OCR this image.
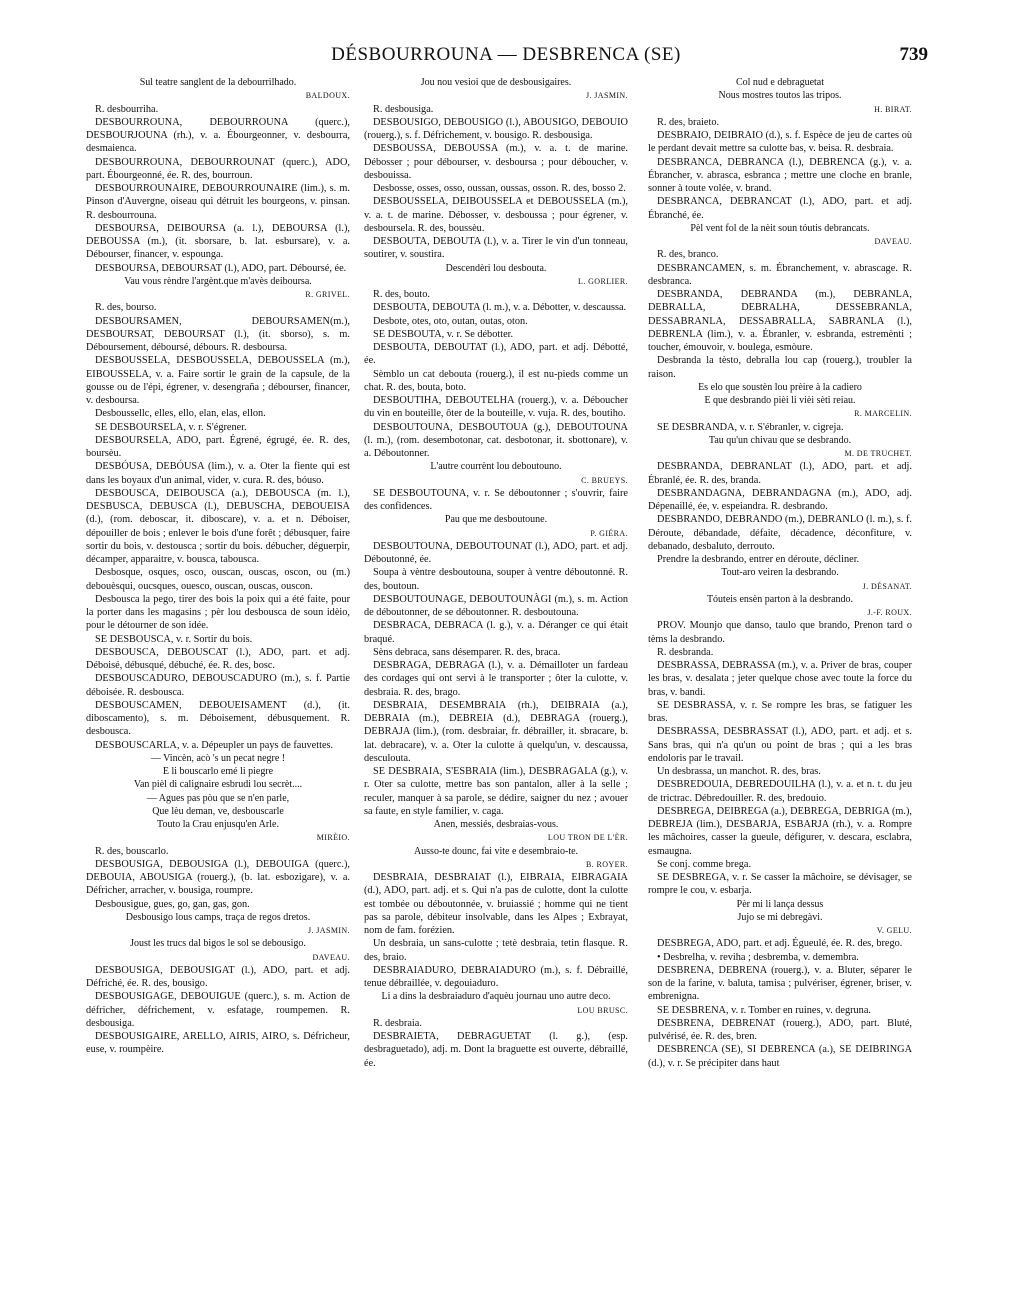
DÉSBOURROUNA — DESBRENCA (SE)	739

Sul teatre sanglent de la debourrilhado.

BALDOUX.

R. desbourriha.

DESBOURROUNA, DEBOURROUNA (querc.), DESBOURJOUNA (rh.), v. a. Ébourgeonner, v. desbourra, desmaienca.

DESBOURROUNA, DEBOURROUNAT (querc.), ADO, part. Ébourgeonné, ée. R. des, bourroun.

DESBOURROUNAIRE, DEBOURROUNAIRE (lim.), s. m. Pinson d'Auvergne, oiseau qui détruit les bourgeons, v. pinsan. R. desbourrouna.

DESBOURSA, DEIBOURSA (a. l.), DEBOURSA (l.), DEBOUSSA (m.), (it. sborsare, b. lat. esbursare), v. a. Débourser, financer, v. espounga.

DESBOURSA, DEBOURSAT (l.), ADO, part. Déboursé, ée.

Vau vous rèndre l'argènt.que m'avès deiboursa.

R. GRIVEL.

R. des, bourso.

DESBOURSAMEN, DEBOURSAMEN(m.), DESBOURSAT, DEBOURSAT (l.), (it. sborso), s. m. Déboursement, déboursé, débours. R. desboursa.

DESBOUSSELA, DESBOUSSELA, DEBOUSSELA (m.), EIBOUSSELA, v. a. Faire sortir le grain de la capsule, de la gousse ou de l'épi, égrener, v. desengraña ; débourser, financer, v. desboursa.

Desboussellc, elles, ello, elan, elas, ellon.

SE DESBOURSELA, v. r. S'égrener.

DESBOURSELA, ADO, part. Égrené, égrugé, ée. R. des, boursèu.

DESBÓUSA, DEBÓUSA (lim.), v. a. Oter la fiente qui est dans les boyaux d'un animal, vider, v. cura. R. des, bóuso.

DESBOUSCA, DEIBOUSCA (a.), DEBOUSCA (m. l.), DESBUSCA, DEBUSCA (l.), DEBUSCHA, DEBOUEISA (d.), (rom. deboscar, it. diboscare), v. a. et n. Déboiser, dépouiller de bois ; enlever le bois d'une forêt ; débusquer, faire sortir du bois, v. destousca ; sortir du bois. débucher, déguerpir, décamper, apparaitre, v. bousca, tabousca.

Desbosque, osques, osco, ouscan, ouscas, oscon, ou (m.) debouèsqui, oucsques, ouesco, ouscan, ouscas, ouscon.

Desbousca la pego, tirer des bois la poix qui a été faite, pour la porter dans les magasins ; pèr lou desbousca de soun idèio, pour le détourner de son idée.

SE DESBOUSCA, v. r. Sortir du bois.

DESBOUSCA, DEBOUSCAT (l.), ADO, part. et adj. Déboisé, débusqué, débuché, ée. R. des, bosc.

DESBOUSCADURO, DEBOUSCADURO (m.), s. f. Partie déboisée. R. desbousca.

DESBOUSCAMEN, DEBOUEISAMENT (d.), (it. diboscamento), s. m. Déboisement, débusquement. R. desbousca.

DESBOUSCARLA, v. a. Dépeupler un pays de fauvettes.

— Vincèn, acò 's un pecat negre !

E li bouscarlo emé li piegre

Van pièl di calignaire esbrudi lou secrèt....

— Agues pas pòu que se n'en parle,

Que lèu deman, ve, desbouscarle

Touto la Crau enjusqu'en Arle.

MIRÈIO.

R. des, bouscarlo.

DESBOUSIGA, DEBOUSIGA (l.), DEBOUIGA (querc.), DEBOUIA, ABOUSIGA (rouerg.), (b. lat. esbozigare), v. a. Défricher, arracher, v. bousiga, roumpre.

Desbousigue, gues, go, gan, gas, gon.

Desbousigo lous camps, traça de regos dretos.

J. JASMIN.

Joust les trucs dal bigos le sol se debousigo.

DAVEAU.

DESBOUSIGA, DEBOUSIGAT (l.), ADO, part. et adj. Défriché, ée. R. des, bousigo.

DESBOUSIGAGE, DEBOUIGUE (querc.), s. m. Action de défricher, défrichement, v. esfatage, roumpemen. R. desbousiga.

DESBOUSIGAIRE, ARELLO, AIRIS, AIRO, s. Défricheur, euse, v. roumpèire.

Jou nou vesioi que de desbousigaires.

J. JASMIN.

R. desbousiga.

DESBOUSIGO, DEBOUSIGO (l.), ABOUSIGO, DEBOUIO (rouerg.), s. f. Défrichement, v. bousigo. R. desbousiga.

DESBOUSSA, DEBOUSSA (m.), v. a. t. de marine. Débosser ; pour débourser, v. desboursa ; pour déboucher, v. desbouissa.

Desbosse, osses, osso, oussan, oussas, osson. R. des, bosso 2.

DESBOUSSELA, DEIBOUSSELA et DEBOUSSELA (m.), v. a. t. de marine. Débosser, v. desboussa ; pour égrener, v. desboursela. R. des, boussèu.

DESBOUTA, DEBOUTA (l.), v. a. Tirer le vin d'un tonneau, soutirer, v. soustira.

Descendèri lou desbouta.

L. GORLIER.

R. des, bouto.

DESBOUTA, DEBOUTA (l. m.), v. a. Débotter, v. descaussa.

Desbote, otes, oto, outan, outas, oton.

SE DESBOUTA, v. r. Se débotter.

DESBOUTA, DEBOUTAT (l.), ADO, part. et adj. Débotté, ée.

Sèmblo un cat debouta (rouerg.), il est nu-pieds comme un chat. R. des, bouta, boto.

DESBOUTIHA, DEBOUTELHA (rouerg.), v. a. Déboucher du vin en bouteille, ôter de la bouteille, v. vuja. R. des, boutiho.

DESBOUTOUNA, DESBOUTOUA (g.), DEBOUTOUNA (l. m.), (rom. desembotonar, cat. desbotonar, it. sbottonare), v. a. Déboutonner.

L'autre courrènt lou deboutouno.

C. BRUEYS.

SE DESBOUTOUNA, v. r. Se déboutonner ; s'ouvrir, faire des confidences.

Pau que me desboutoune.

P. GIÉRA.

DESBOUTOUNA, DEBOUTOUNAT (l.), ADO, part. et adj. Déboutonné, ée.

Soupa à vèntre desboutouna, souper à ventre déboutonné. R. des, boutoun.

DESBOUTOUNAGE, DEBOUTOUNÀGI (m.), s. m. Action de déboutonner, de se déboutonner. R. desboutouna.

DESBRACA, DEBRACA (l. g.), v. a. Déranger ce qui était braqué.

Sèns debraca, sans désemparer. R. des, braca.

DESBRAGA, DEBRAGA (l.), v. a. Démailloter un fardeau des cordages qui ont servi à le transporter ; ôter la culotte, v. desbraia. R. des, brago.

DESBRAIA, DESEMBRAIA (rh.), DEIBRAIA (a.), DEBRAIA (m.), DEBREIA (d.), DEBRAGA (rouerg.), DEBRAJA (lim.), (rom. desbraiar, fr. débrailler, it. sbracare, b. lat. debracare), v. a. Oter la culotte à quelqu'un, v. descaussa, desculouta.

SE DESBRAIA, S'ESBRAIA (lim.), DESBRAGALA (g.), v. r. Oter sa culotte, mettre bas son pantalon, aller à la selle ; reculer, manquer à sa parole, se dédire, saigner du nez ; avouer sa faute, en style familier, v. caga.

Anen, messiés, desbraias-vous.

LOU TRON DE L'ÈR.

Ausso-te dounc, fai vite e desembraio-te.

B. ROYER.

DESBRAIA, DESBRAIAT (l.), EIBRAIA, EIBRAGAIA (d.), ADO, part. adj. et s. Qui n'a pas de culotte, dont la culotte est tombée ou déboutonnée, v. bruiassié ; homme qui ne tient pas sa parole, débiteur insolvable, dans les Alpes ; Exbrayat, nom de fam. forézien.

Un desbraia, un sans-culotte ; tetè desbraia, tetin flasque. R. des, braio.

DESBRAIADURO, DEBRAIADURO (m.), s. f. Débraillé, tenue débraillée, v. degouiaduro.

Li a dins la desbraiaduro d'aquèu journau uno autre deco.

LOU BRUSC.

R. desbraia.

DESBRAIETA, DEBRAGUETAT (l. g.), (esp. desbraguetado), adj. m. Dont la braguette est ouverte, débraillé, ée.

Col nud e debraguetat

Nous mostres toutos las tripos.

H. BIRAT.

R. des, braieto.

DESBRAIO, DEIBRAIO (d.), s. f. Espèce de jeu de cartes où le perdant devait mettre sa culotte bas, v. beisa. R. desbraia.

DESBRANCA, DEBRANCA (l.), DEBRENCA (g.), v. a. Ébrancher, v. abrasca, esbranca ; mettre une cloche en branle, sonner à toute volée, v. brand.

DESBRANCA, DEBRANCAT (l.), ADO, part. et adj. Ébranché, ée.

Pèl vent fol de la nèit soun tóutis debrancats.

DAVEAU.

R. des, branco.

DESBRANCAMEN, s. m. Ébranchement, v. abrascage. R. desbranca.

DESBRANDA, DEBRANDA (m.), DEBRANLA, DEBRALLA, DEBRALHA, DESSEBRANLA, DESSABRANLA, DESSABRALLA, SABRANLA (l.), DEBRENLA (lim.), v. a. Ébranler, v. esbranda, estremènti ; toucher, émouvoir, v. boulega, esmòure.

Desbranda la tèsto, debralla lou cap (rouerg.), troubler la raison.

Es elo que soustèn lou prèire à la cadiero

E que desbrando pièi li vièi sèti reiau.

R. MARCELIN.

SE DESBRANDA, v. r. S'ébranler, v. cigreja.

Tau qu'un chivau que se desbrando.

M. DE TRUCHET.

DESBRANDA, DEBRANLAT (l.), ADO, part. et adj. Ébranlé, ée. R. des, branda.

DESBRANDAGNA, DEBRANDAGNA (m.), ADO, adj. Dépenaillé, ée, v. espeiandra. R. desbrando.

DESBRANDO, DEBRANDO (m.), DEBRANLO (l. m.), s. f. Déroute, débandade, défaite, décadence, déconfiture, v. debanado, desbaluto, derrouto.

Prendre la desbrando, entrer en déroute, décliner.

Tout-aro veiren la desbrando.

J. DÉSANAT.

Tóuteis ensèn parton à la desbrando.

J.-F. ROUX.

PROV. Mounjo que danso, taulo que brando, Prenon tard o tèms la desbrando.

R. desbranda.

DESBRASSA, DEBRASSA (m.), v. a. Priver de bras, couper les bras, v. desalata ; jeter quelque chose avec toute la force du bras, v. bandi.

SE DESBRASSA, v. r. Se rompre les bras, se fatiguer les bras.

DESBRASSA, DESBRASSAT (l.), ADO, part. et adj. et s. Sans bras, qui n'a qu'un ou point de bras ; qui a les bras endoloris par le travail.

Un desbrassa, un manchot. R. des, bras.

DESBREDOUIA, DEBREDOUILHA (l.), v. a. et n. t. du jeu de trictrac. Débredouiller. R. des, bredouio.

DESBREGA, DEIBREGA (a.), DEBREGA, DEBRIGA (m.), DEBREJA (lim.), DESBARJA, ESBARJA (rh.), v. a. Rompre les mâchoires, casser la gueule, défigurer, v. descara, esclabra, esmaugna.

Se conj. comme brega.

SE DESBREGA, v. r. Se casser la mâchoire, se dévisager, se rompre le cou, v. esbarja.

Pèr mi li lança dessus

Jujo se mi debregàvi.

V. GELU.

DESBREGA, ADO, part. et adj. Égueulé, ée. R. des, brego.

• Desbrelha, v. reviha ; desbremba, v. demembra.

DESBRENA, DEBRENA (rouerg.), v. a. Bluter, séparer le son de la farine, v. baluta, tamisa ; pulvériser, égrener, briser, v. embrenigna.

SE DESBRENA, v. r. Tomber en ruines, v. degruna.

DESBRENA, DEBRENAT (rouerg.), ADO, part. Bluté, pulvérisé, ée. R. des, bren.

DESBRENCA (SE), SI DEBRENCA (a.), SE DEIBRINGA (d.), v. r. Se précipiter dans haut
